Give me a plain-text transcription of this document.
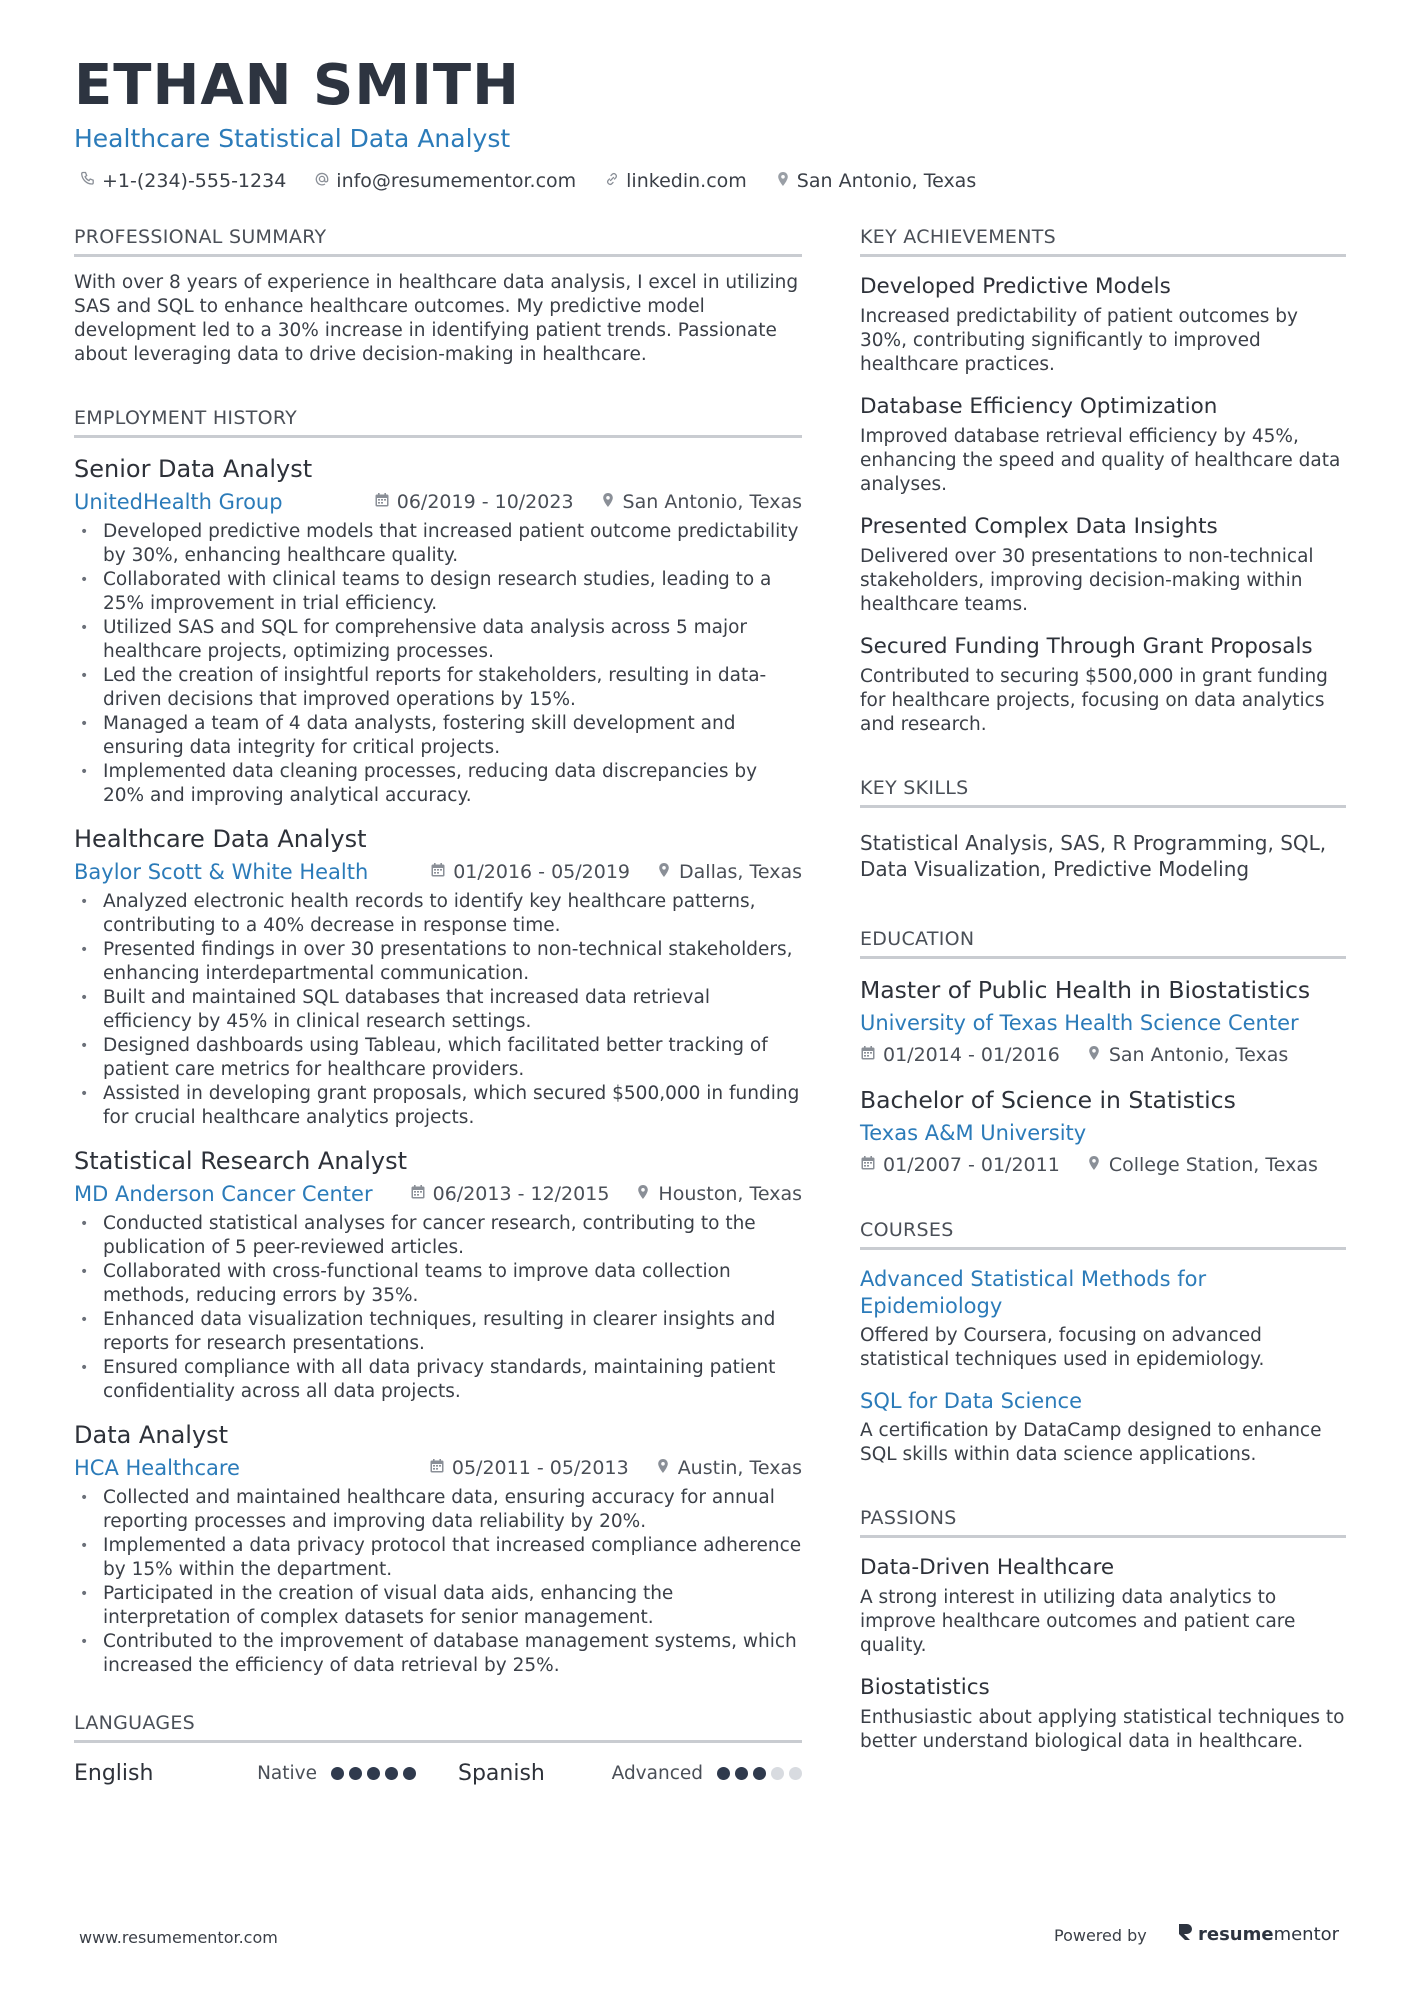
ETHAN SMITH
Healthcare Statistical Data Analyst
+1-(234)-555-1234	info@resumementor.com	linkedin.com	San Antonio, Texas
PROFESSIONAL SUMMARY
With over 8 years of experience in healthcare data analysis, I excel in utilizing SAS and SQL to enhance healthcare outcomes. My predictive model development led to a 30% increase in identifying patient trends. Passionate about leveraging data to drive decision-making in healthcare.
EMPLOYMENT HISTORY
Senior Data Analyst
UnitedHealth Group	06/2019 - 10/2023	San Antonio, Texas
• Developed predictive models that increased patient outcome predictability by 30%, enhancing healthcare quality.
• Collaborated with clinical teams to design research studies, leading to a 25% improvement in trial efficiency.
• Utilized SAS and SQL for comprehensive data analysis across 5 major healthcare projects, optimizing processes.
• Led the creation of insightful reports for stakeholders, resulting in data-driven decisions that improved operations by 15%.
• Managed a team of 4 data analysts, fostering skill development and ensuring data integrity for critical projects.
• Implemented data cleaning processes, reducing data discrepancies by 20% and improving analytical accuracy.
Healthcare Data Analyst
Baylor Scott & White Health	01/2016 - 05/2019	Dallas, Texas
• Analyzed electronic health records to identify key healthcare patterns, contributing to a 40% decrease in response time.
• Presented findings in over 30 presentations to non-technical stakeholders, enhancing interdepartmental communication.
• Built and maintained SQL databases that increased data retrieval efficiency by 45% in clinical research settings.
• Designed dashboards using Tableau, which facilitated better tracking of patient care metrics for healthcare providers.
• Assisted in developing grant proposals, which secured $500,000 in funding for crucial healthcare analytics projects.
Statistical Research Analyst
MD Anderson Cancer Center	06/2013 - 12/2015	Houston, Texas
• Conducted statistical analyses for cancer research, contributing to the publication of 5 peer-reviewed articles.
• Collaborated with cross-functional teams to improve data collection methods, reducing errors by 35%.
• Enhanced data visualization techniques, resulting in clearer insights and reports for research presentations.
• Ensured compliance with all data privacy standards, maintaining patient confidentiality across all data projects.
Data Analyst
HCA Healthcare	05/2011 - 05/2013	Austin, Texas
• Collected and maintained healthcare data, ensuring accuracy for annual reporting processes and improving data reliability by 20%.
• Implemented a data privacy protocol that increased compliance adherence by 15% within the department.
• Participated in the creation of visual data aids, enhancing the interpretation of complex datasets for senior management.
• Contributed to the improvement of database management systems, which increased the efficiency of data retrieval by 25%.
LANGUAGES
English	Native	Spanish	Advanced
KEY ACHIEVEMENTS
Developed Predictive Models
Increased predictability of patient outcomes by 30%, contributing significantly to improved healthcare practices.
Database Efficiency Optimization
Improved database retrieval efficiency by 45%, enhancing the speed and quality of healthcare data analyses.
Presented Complex Data Insights
Delivered over 30 presentations to non-technical stakeholders, improving decision-making within healthcare teams.
Secured Funding Through Grant Proposals
Contributed to securing $500,000 in grant funding for healthcare projects, focusing on data analytics and research.
KEY SKILLS
Statistical Analysis, SAS, R Programming, SQL, Data Visualization, Predictive Modeling
EDUCATION
Master of Public Health in Biostatistics
University of Texas Health Science Center
01/2014 - 01/2016	San Antonio, Texas
Bachelor of Science in Statistics
Texas A&M University
01/2007 - 01/2011	College Station, Texas
COURSES
Advanced Statistical Methods for Epidemiology
Offered by Coursera, focusing on advanced statistical techniques used in epidemiology.
SQL for Data Science
A certification by DataCamp designed to enhance SQL skills within data science applications.
PASSIONS
Data-Driven Healthcare
A strong interest in utilizing data analytics to improve healthcare outcomes and patient care quality.
Biostatistics
Enthusiastic about applying statistical techniques to better understand biological data in healthcare.
www.resumementor.com	Powered by	resumementor
